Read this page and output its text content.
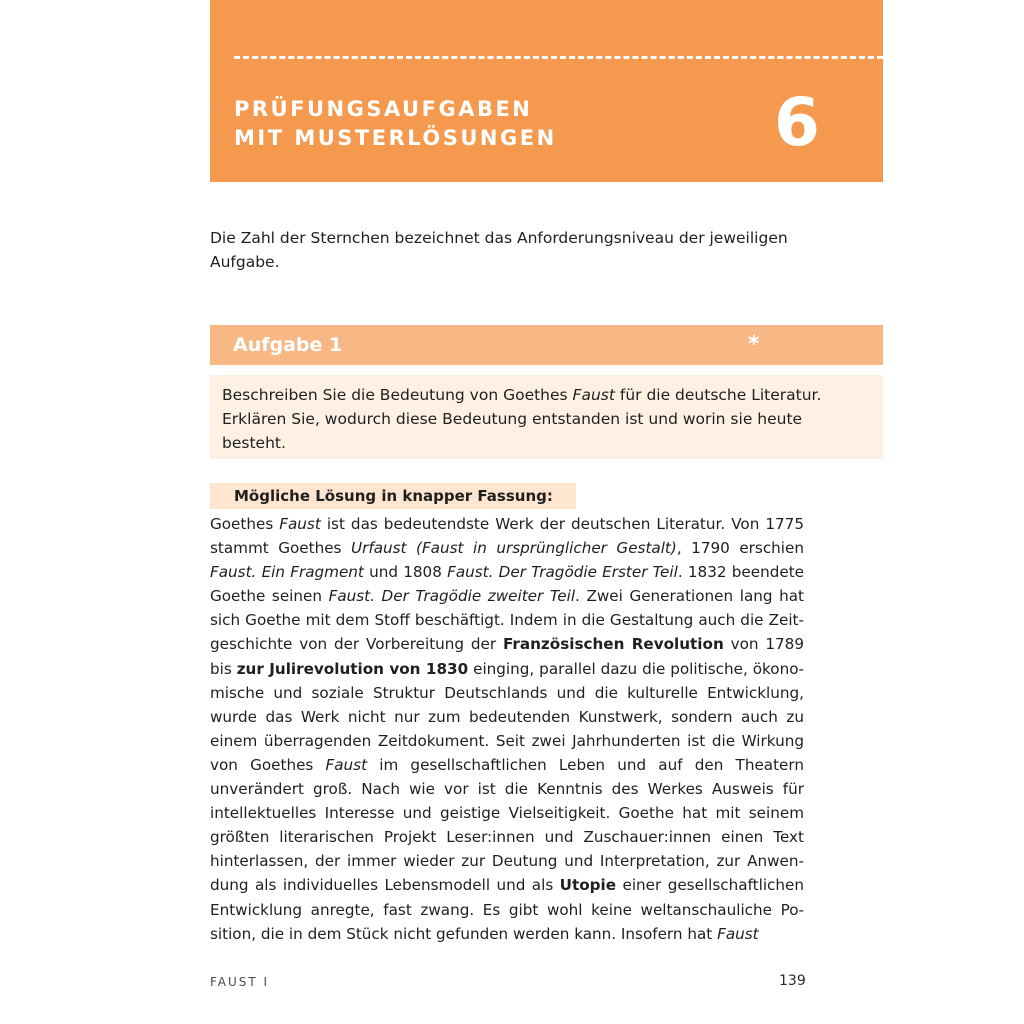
PRÜFUNGSAUFGABEN
MIT MUSTERLÖSUNGEN	6

Die Zahl der Sternchen bezeichnet das Anforderungsniveau der jeweiligen Aufgabe.

Aufgabe 1	*

Beschreiben Sie die Bedeutung von Goethes Faust für die deutsche Literatur. Erklären Sie, wodurch diese Bedeutung entstanden ist und worin sie heute besteht.

Mögliche Lösung in knapper Fassung:

Goethes Faust ist das bedeutendste Werk der deutschen Literatur. Von 1775 stammt Goethes Urfaust (Faust in ursprünglicher Gestalt), 1790 erschien Faust. Ein Fragment und 1808 Faust. Der Tragödie Erster Teil. 1832 beendete Goethe seinen Faust. Der Tragödie zweiter Teil. Zwei Generationen lang hat sich Goethe mit dem Stoff beschäftigt. Indem in die Gestaltung auch die Zeitgeschichte von der Vorbereitung der Französischen Revolution von 1789 bis zur Julirevolution von 1830 einging, parallel dazu die politische, ökonomische und soziale Struktur Deutschlands und die kulturelle Entwicklung, wurde das Werk nicht nur zum bedeutenden Kunstwerk, sondern auch zu einem überragenden Zeitdokument. Seit zwei Jahrhunderten ist die Wirkung von Goethes Faust im gesellschaftlichen Leben und auf den Theatern unverändert groß. Nach wie vor ist die Kenntnis des Werkes Ausweis für intellektuelles Interesse und geistige Vielseitigkeit. Goethe hat mit seinem größten literarischen Projekt Leser:innen und Zuschauer:innen einen Text hinterlassen, der immer wieder zur Deutung und Interpretation, zur Anwendung als individuelles Lebensmodell und als Utopie einer gesellschaftlichen Entwicklung anregte, fast zwang. Es gibt wohl keine weltanschauliche Position, die in dem Stück nicht gefunden werden kann. Insofern hat Faust

FAUST I	139
